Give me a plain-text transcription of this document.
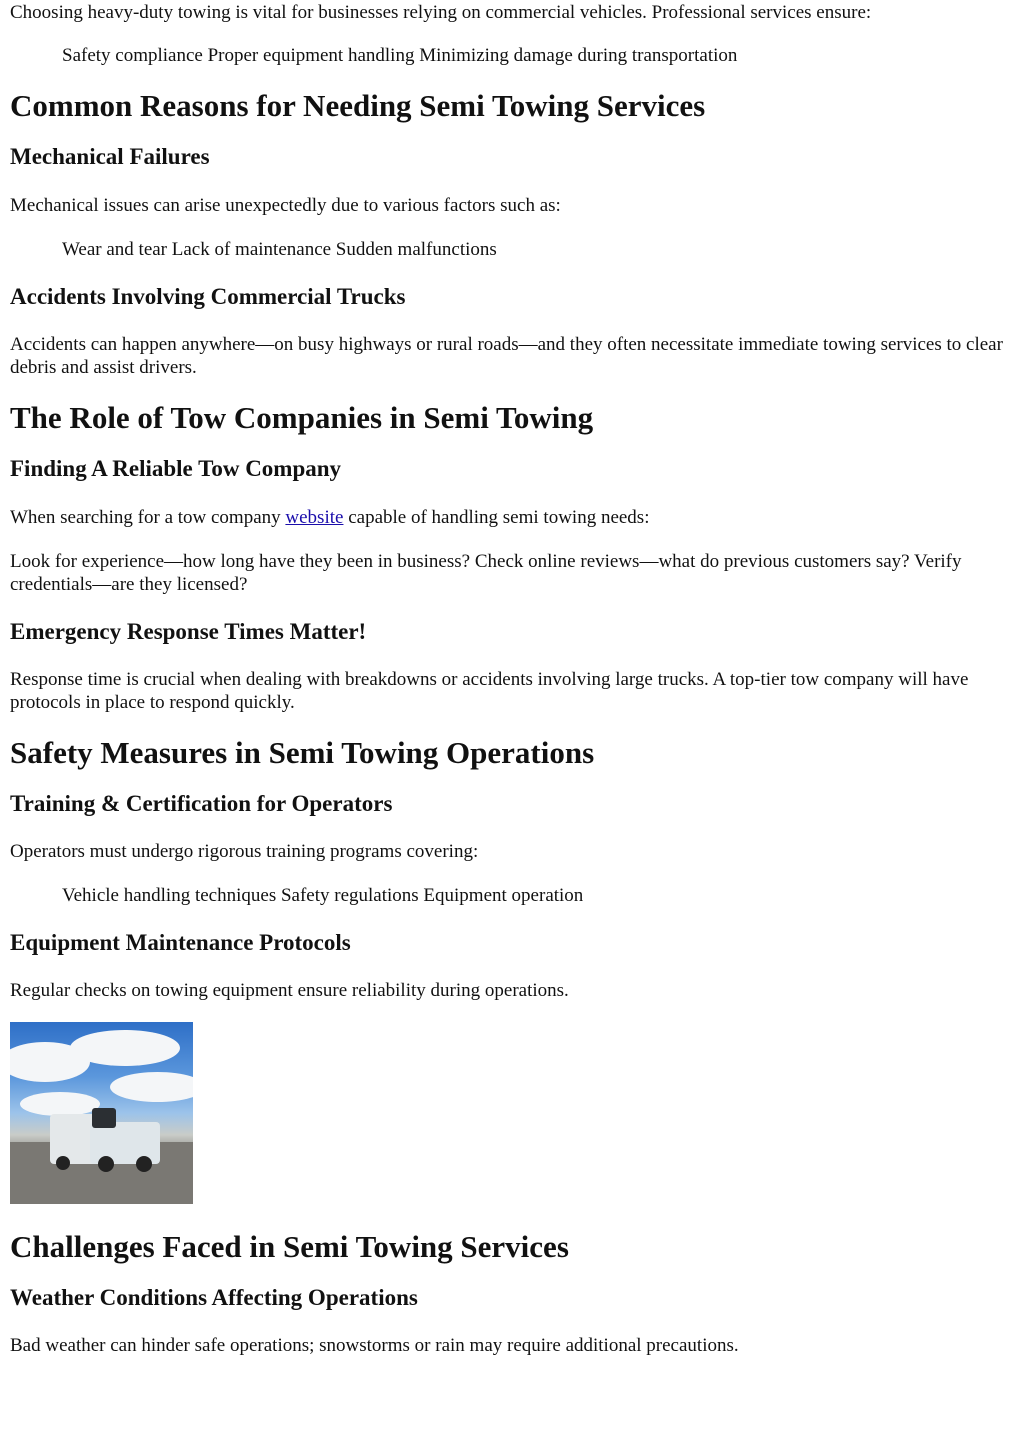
Choosing heavy-duty towing is vital for businesses relying on commercial vehicles. Professional services ensure:

Safety compliance Proper equipment handling Minimizing damage during transportation
Common Reasons for Needing Semi Towing Services
Mechanical Failures

Mechanical issues can arise unexpectedly due to various factors such as:

Wear and tear Lack of maintenance Sudden malfunctions
Accidents Involving Commercial Trucks

Accidents can happen anywhere—on busy highways or rural roads—and they often necessitate immediate towing services to clear debris and assist drivers.

The Role of Tow Companies in Semi Towing
Finding A Reliable Tow Company

When searching for a tow company website capable of handling semi towing needs:

Look for experience—how long have they been in business? Check online reviews—what do previous customers say? Verify credentials—are they licensed?

Emergency Response Times Matter!

Response time is crucial when dealing with breakdowns or accidents involving large trucks. A top-tier tow company will have protocols in place to respond quickly.

Safety Measures in Semi Towing Operations
Training & Certification for Operators

Operators must undergo rigorous training programs covering:

Vehicle handling techniques Safety regulations Equipment operation
Equipment Maintenance Protocols

Regular checks on towing equipment ensure reliability during operations.

Challenges Faced in Semi Towing Services
Weather Conditions Affecting Operations

Bad weather can hinder safe operations; snowstorms or rain may require additional precautions.
